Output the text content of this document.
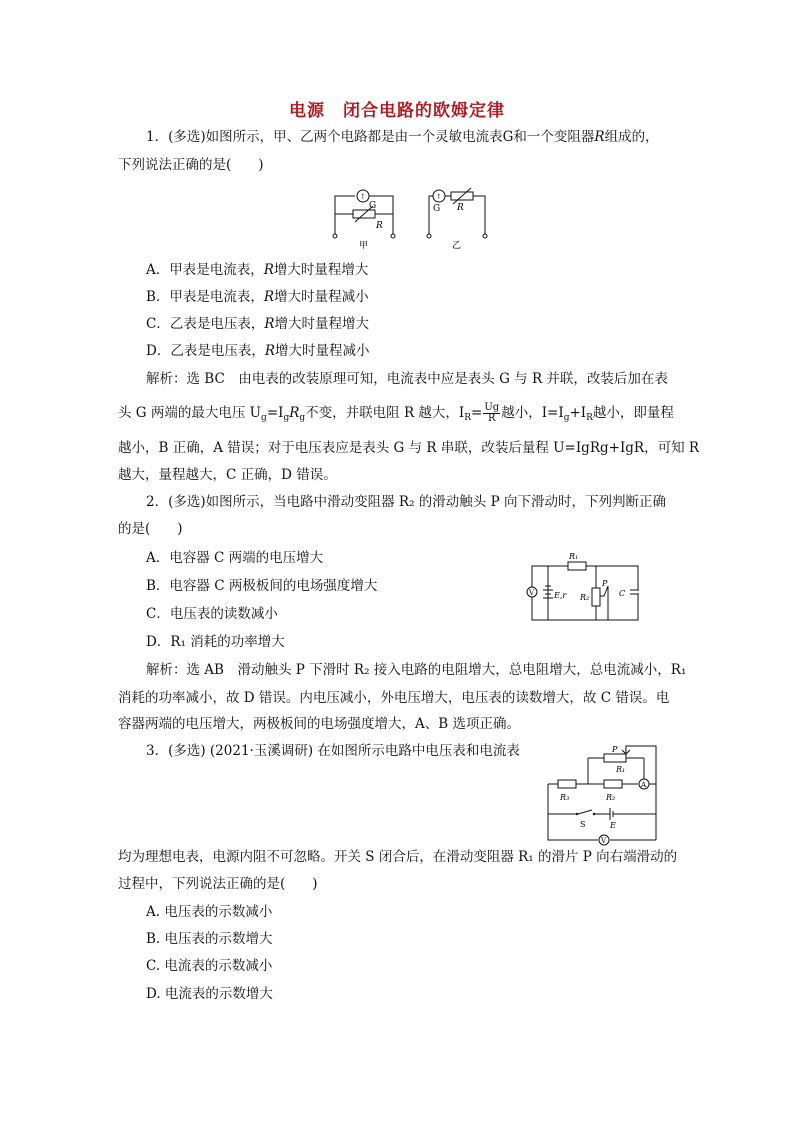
电源 闭合电路的欧姆定律
1．(多选)如图所示，甲、乙两个电路都是由一个灵敏电流表G和一个变阻器R组成的，
下列说法正确的是(　　)
↑	↑
G
R
G R
甲	乙
A．甲表是电流表，R增大时量程增大
B．甲表是电流表，R增大时量程减小
C．乙表是电压表，R增大时量程增大
D．乙表是电压表，R增大时量程减小
解析：选 BC　由电表的改装原理可知，电流表中应是表头 G 与 R 并联，改装后加在表
头 G 两端的最大电压 $U_g=I_gR_g$不变，并联电阻 R 越大，$I_R= \frac{Ug}{R}$ 越小，$I=I_g+I_R$越小，即量程
越小，B 正确，A 错误；对于电压表应是表头 G 与 R 串联，改装后量程 U=IgRg+IgR，可知 R
越大，量程越大，C 正确，D 错误。
2．(多选)如图所示，当电路中滑动变阻器 R₂ 的滑动触头 P 向下滑动时，下列判断正确
的是(　　)
A．电容器 C 两端的电压增大
B．电容器 C 两极板间的电场强度增大
C．电压表的读数减小
D．R₁ 消耗的功率增大
V
R₁
E,r R₂
P
C
解析：选 AB　滑动触头 P 下滑时 R₂ 接入电路的电阻增大，总电阻增大，总电流减小，R₁
消耗的功率减小，故 D 错误。内电压减小，外电压增大，电压表的读数增大，故 C 错误。电
容器两端的电压增大，两极板间的电场强度增大，A、B 选项正确。
3．(多选) (2021·玉溪调研) 在如图所示电路中电压表和电流表	P
R₁
A
R₃	R₂
S	E
V
均为理想电表，电源内阻不可忽略。开关 S 闭合后，在滑动变阻器 R₁ 的滑片 P 向右端滑动的
过程中，下列说法正确的是(　　)
A. 电压表的示数减小
B. 电压表的示数增大
C. 电流表的示数减小
D. 电流表的示数增大
